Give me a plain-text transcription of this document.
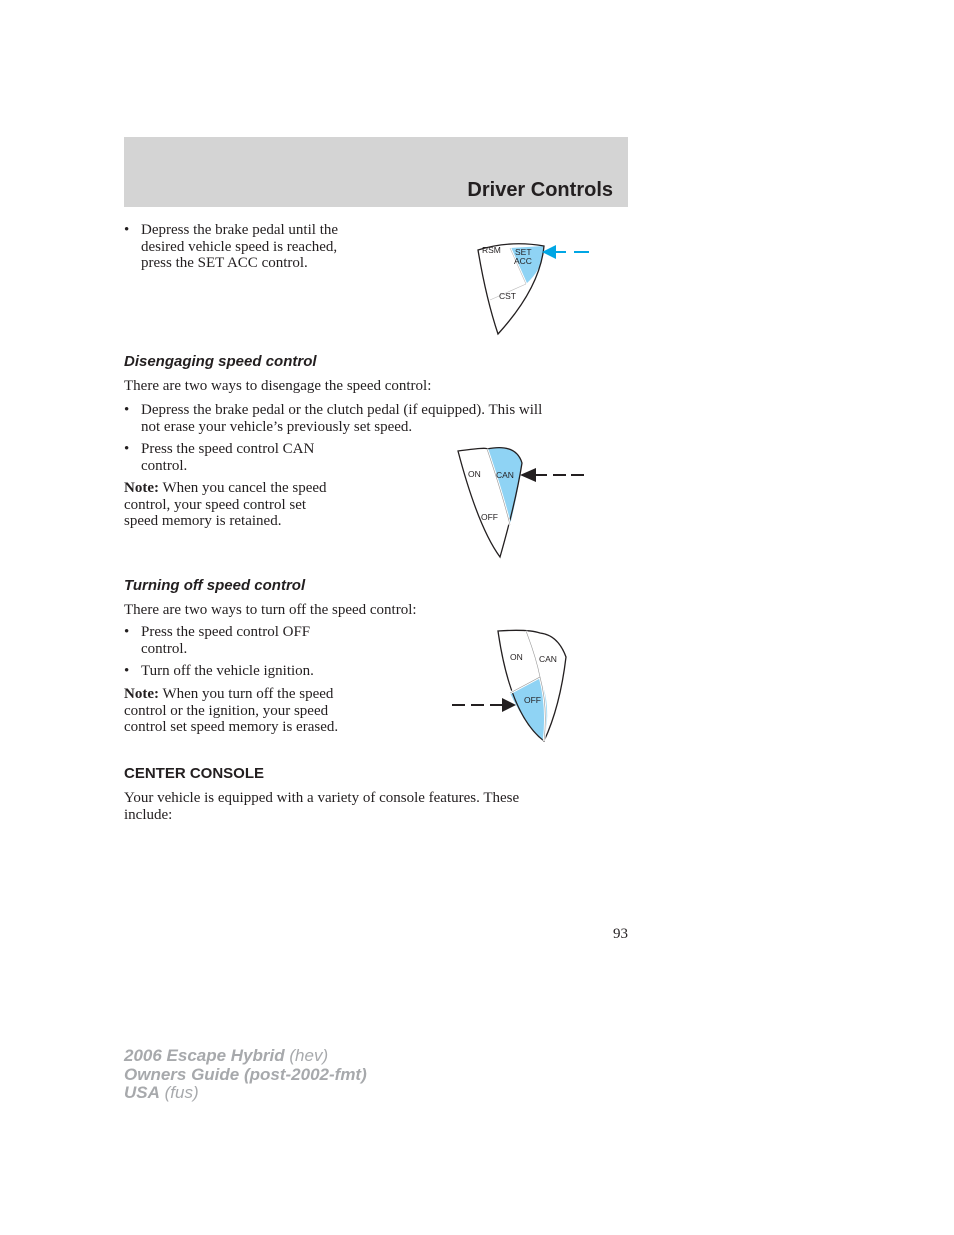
Driver Controls
• Depress the brake pedal until the
desired vehicle speed is reached,
press the SET ACC control.
RSM SET
ACC
CST
Disengaging speed control
There are two ways to disengage the speed control:
• Depress the brake pedal or the clutch pedal (if equipped). This will
not erase your vehicle’s previously set speed.
• Press the speed control CAN
control.
Note: When you cancel the speed
control, your speed control set
speed memory is retained.
ON CAN
OFF
Turning off speed control
There are two ways to turn off the speed control:
• Press the speed control OFF
control.
• Turn off the vehicle ignition.
Note: When you turn off the speed
control or the ignition, your speed
control set speed memory is erased.
ON CAN
OFF
CENTER CONSOLE
Your vehicle is equipped with a variety of console features. These
include:
93
2006 Escape Hybrid (hev)
Owners Guide (post-2002-fmt)
USA (fus)
